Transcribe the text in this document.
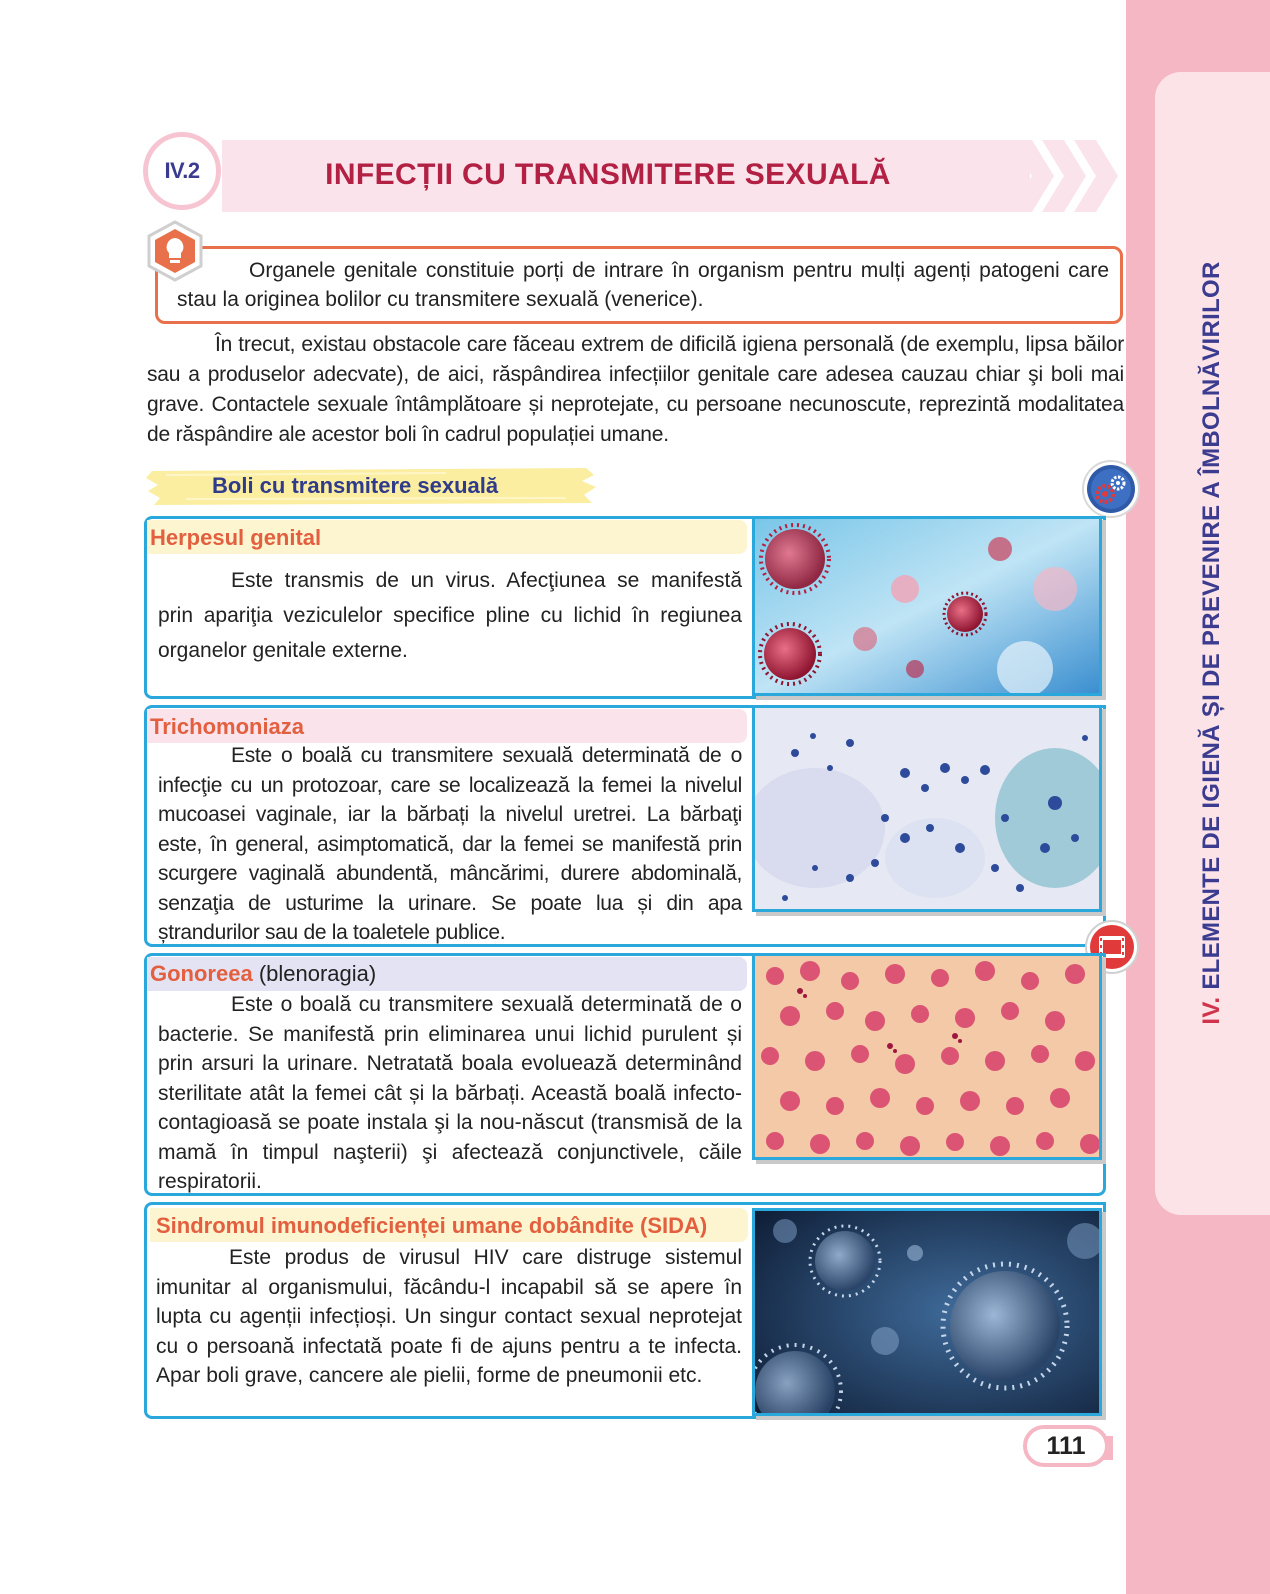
IV. ELEMENTE DE IGIENĂ ȘI DE PREVENIRE A ÎMBOLNĂVIRILOR
IV.2	INFECȚII CU TRANSMITERE SEXUALĂ
Organele genitale constituie porți de intrare în organism pentru mulți agenți patogeni care stau la originea bolilor cu transmitere sexuală (venerice).
În trecut, existau obstacole care făceau extrem de dificilă igiena personală (de exemplu, lipsa băilor sau a produselor adecvate), de aici, răspândirea infecțiilor genitale care adesea cauzau chiar şi boli mai grave. Contactele sexuale întâmplătoare și neprotejate, cu persoane necunoscute, reprezintă modalitatea de răspândire ale acestor boli în cadrul populației umane.
Boli cu transmitere sexuală
Herpesul genital
Este transmis de un virus. Afecţiunea se manifestă prin apariţia veziculelor specifice pline cu lichid în regiunea organelor genitale externe.
Trichomoniaza
Este o boală cu transmitere sexuală determinată de o infecţie cu un protozoar, care se localizează la femei la nivelul mucoasei vaginale, iar la bărbați la nivelul uretrei. La bărbaţi este, în general, asimptomatică, dar la femei se manifestă prin scurgere vaginală abundentă, mâncărimi, durere abdominală, senzaţia de usturime la urinare. Se poate lua și din apa ștrandurilor sau de la toaletele publice.
Gonoreea (blenoragia)
Este o boală cu transmitere sexuală determinată de o bacterie. Se manifestă prin eliminarea unui lichid purulent și prin arsuri la urinare. Netratată boala evoluează determinând sterilitate atât la femei cât și la bărbați. Această boală infecto-contagioasă se poate instala şi la nou-născut (transmisă de la mamă în timpul naşterii) şi afectează conjunctivele, căile respiratorii.
Sindromul imunodeficienței umane dobândite (SIDA)
Este produs de virusul HIV care distruge sistemul imunitar al organismului, făcându-l incapabil să se apere în lupta cu agenții infecțioși. Un singur contact sexual neprotejat cu o persoană infectată poate fi de ajuns pentru a te infecta. Apar boli grave, cancere ale pielii, forme de pneumonii etc.
111
